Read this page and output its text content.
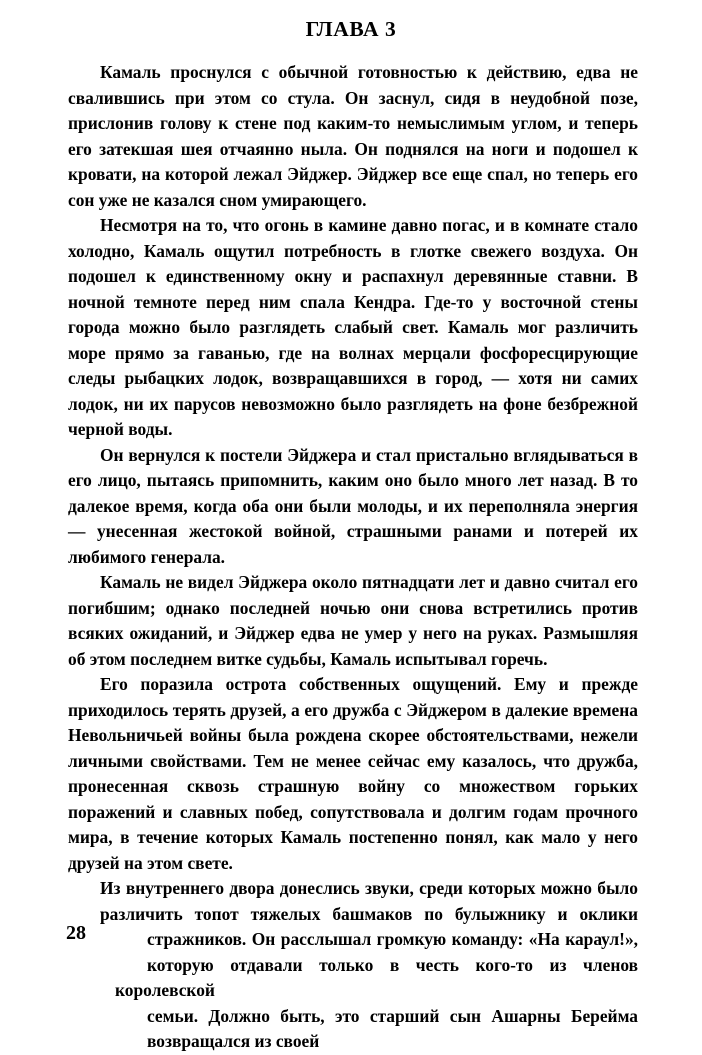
ГЛАВА 3

Камаль проснулся с обычной готовностью к действию, едва не свалившись при этом со стула. Он заснул, сидя в неудобной позе, прислонив голову к стене под каким-то немыслимым углом, и теперь его затекшая шея отчаянно ныла. Он поднялся на ноги и подошел к кровати, на которой лежал Эйджер. Эйджер все еще спал, но теперь его сон уже не казался сном умирающего.

Несмотря на то, что огонь в камине давно погас, и в комнате стало холодно, Камаль ощутил потребность в глотке свежего воздуха. Он подошел к единственному окну и распахнул деревянные ставни. В ночной темноте перед ним спала Кендра. Где-то у восточной стены города можно было разглядеть слабый свет. Камаль мог различить море прямо за гаванью, где на волнах мерцали фосфоресцирующие следы рыбацких лодок, возвращавшихся в город, — хотя ни самих лодок, ни их парусов невозможно было разглядеть на фоне безбрежной черной воды.

Он вернулся к постели Эйджера и стал пристально вглядываться в его лицо, пытаясь припомнить, каким оно было много лет назад. В то далекое время, когда оба они были молоды, и их переполняла энергия — унесенная жестокой войной, страшными ранами и потерей их любимого генерала.

Камаль не видел Эйджера около пятнадцати лет и давно считал его погибшим; однако последней ночью они снова встретились против всяких ожиданий, и Эйджер едва не умер у него на руках. Размышляя об этом последнем витке судьбы, Камаль испытывал горечь.

Его поразила острота собственных ощущений. Ему и прежде приходилось терять друзей, а его дружба с Эйджером в далекие времена Невольничьей войны была рождена скорее обстоятельствами, нежели личными свойствами. Тем не менее сейчас ему казалось, что дружба, пронесенная сквозь страшную войну со множеством горьких поражений и славных побед, сопутствовала и долгим годам прочного мира, в течение которых Камаль постепенно понял, как мало у него друзей на этом свете.

Из внутреннего двора донеслись звуки, среди которых можно было
различить топот тяжелых башмаков по булыжнику и оклики
стражников. Он расслышал громкую команду: «На караул!»,
которую отдавали только в честь кого-то из членов королевской
семьи. Должно быть, это старший сын Ашарны Берейма
возвращался из своей

28
